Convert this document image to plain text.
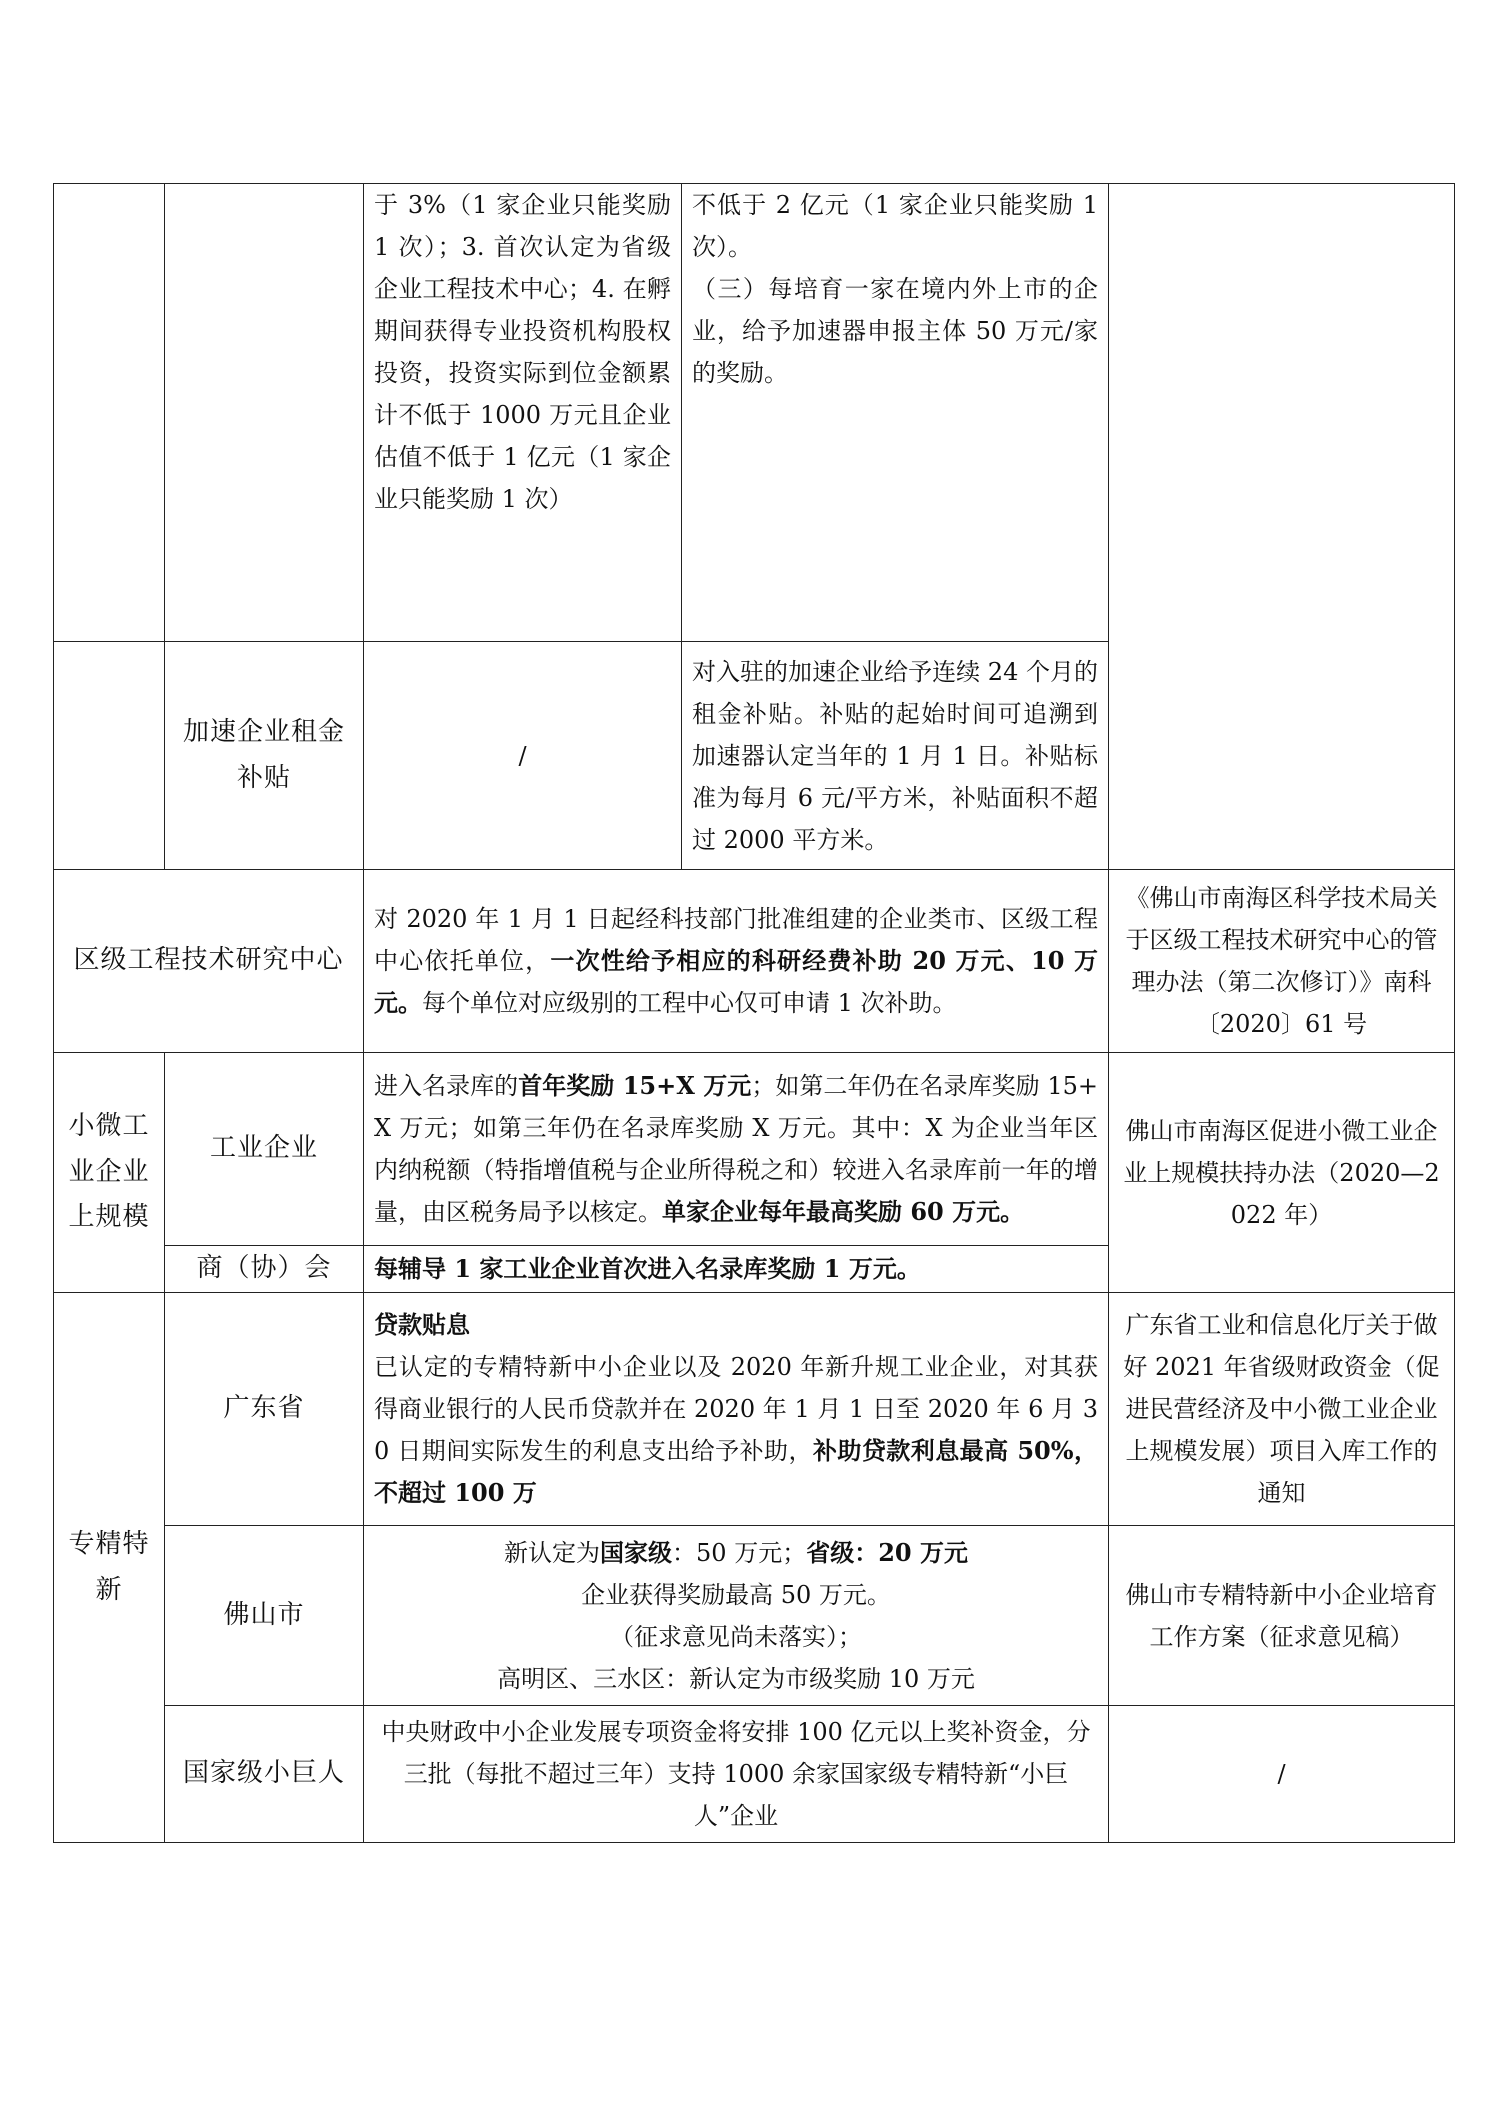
		于 3%（1 家企业只能奖励 1 次）；3. 首次认定为省级企业工程技术中心；4. 在孵期间获得专业投资机构股权投资，投资实际到位金额累计不低于 1000 万元且企业估值不低于 1 亿元（1 家企业只能奖励 1 次）	不低于 2 亿元（1 家企业只能奖励 1 次）。
（三）每培育一家在境内外上市的企业，给予加速器申报主体 50 万元/家的奖励。	

	加速企业租金补贴	/	对入驻的加速企业给予连续 24 个月的租金补贴。补贴的起始时间可追溯到加速器认定当年的 1 月 1 日。补贴标准为每月 6 元/平方米，补贴面积不超过 2000 平方米。	
区级工程技术研究中心		对 2020 年 1 月 1 日起经科技部门批准组建的企业类市、区级工程中心依托单位，一次性给予相应的科研经费补助 20 万元、10 万元。每个单位对应级别的工程中心仅可申请 1 次补助。		《佛山市南海区科学技术局关于区级工程技术研究中心的管理办法（第二次修订）》南科〔2020〕61 号
小微工业企业上规模	工业企业	进入名录库的首年奖励 15+X 万元；如第二年仍在名录库奖励 15+X 万元；如第三年仍在名录库奖励 X 万元。其中：X 为企业当年区内纳税额（特指增值税与企业所得税之和）较进入名录库前一年的增量，由区税务局予以核定。单家企业每年最高奖励 60 万元。		佛山市南海区促进小微工业企业上规模扶持办法（2020—2022 年）
	商（协）会	每辅导 1 家工业企业首次进入名录库奖励 1 万元。		
专精特新	广东省	贷款贴息
已认定的专精特新中小企业以及 2020 年新升规工业企业，对其获得商业银行的人民币贷款并在 2020 年 1 月 1 日至 2020 年 6 月 30 日期间实际发生的利息支出给予补助，补助贷款利息最高 50%，不超过 100 万		广东省工业和信息化厅关于做好 2021 年省级财政资金（促进民营经济及中小微工业企业上规模发展）项目入库工作的通知
	佛山市	新认定为国家级：50 万元；省级：20 万元
企业获得奖励最高 50 万元。
（征求意见尚未落实）；
高明区、三水区：新认定为市级奖励 10 万元		佛山市专精特新中小企业培育工作方案（征求意见稿）
	国家级小巨人	中央财政中小企业发展专项资金将安排 100 亿元以上奖补资金，分三批（每批不超过三年）支持 1000 余家国家级专精特新“小巨人”企业		/
